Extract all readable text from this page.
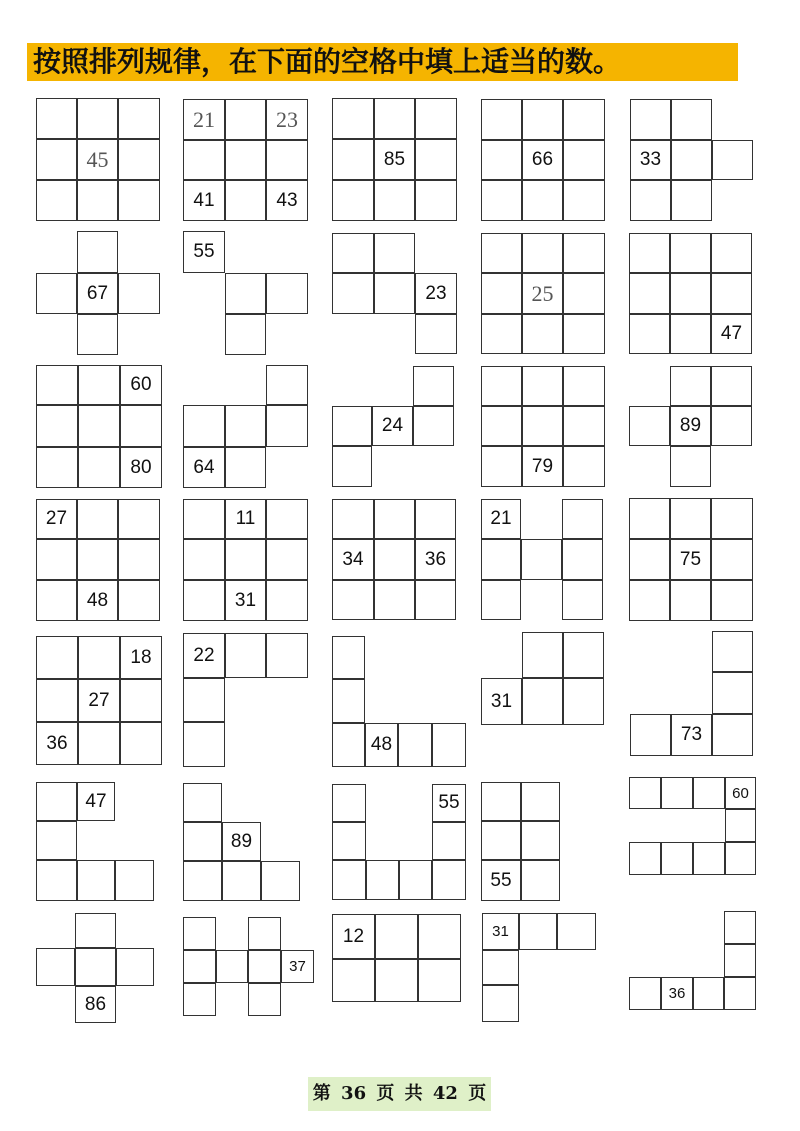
按照排列规律，在下面的空格中填上适当的数。
45
21	23
41	43
85	66	33
67
55
23	25
47
60
80	64
24
79
89
27
48
11
31
34	36
21
75
18
27
36
22
48
31
73
47
89
55
55
60
86
37
12	31
36
第 36 页 共 42 页
